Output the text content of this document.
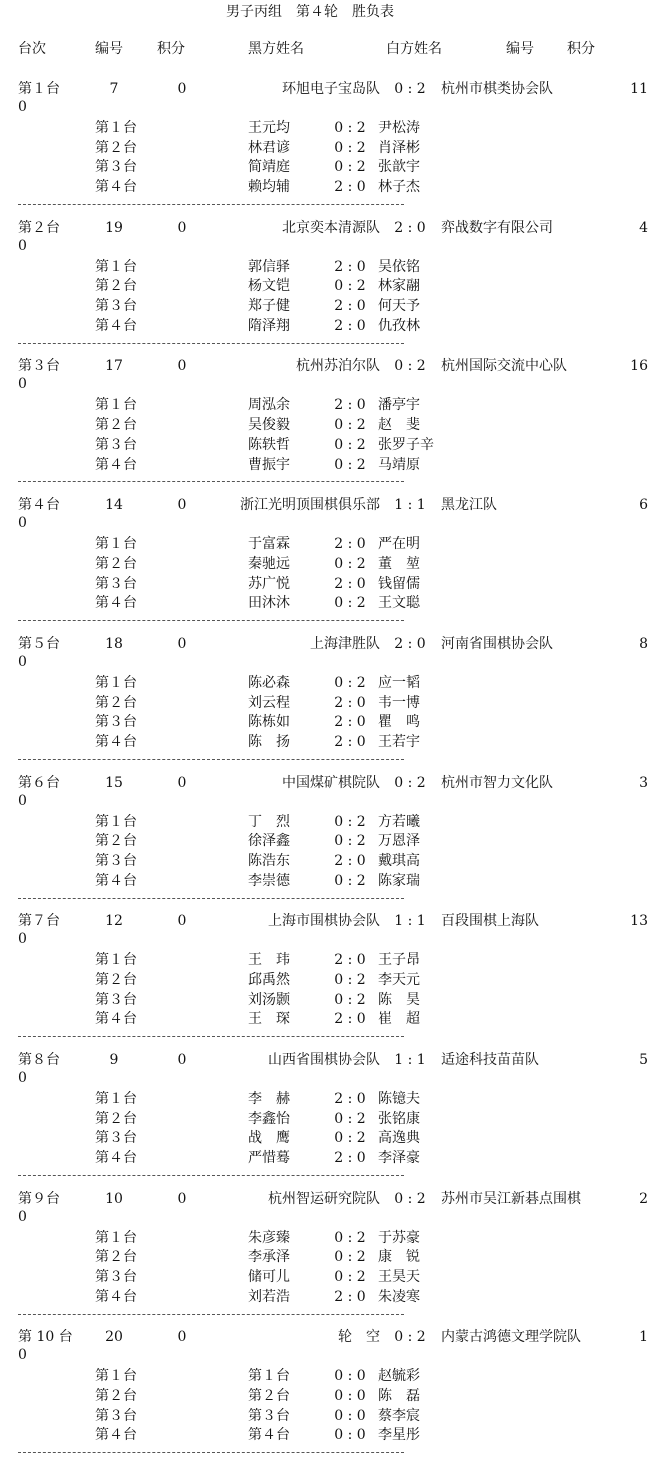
男子丙组　第４轮　胜负表
台次	编号 积分	黑方姓名	白方姓名	编号 积分
第１台	7	0	环旭电子宝岛队	0 : 2	杭州市棋类协会队	11
0
第１台	王元均	0 : 2 尹松涛
第２台	林君谚	0 : 2 肖泽彬
第３台	简靖庭	0 : 2 张歆宇
第４台	赖均辅	2 : 0 林子杰
第２台	19	0	北京奕本清源队	2 : 0	弈战数字有限公司	4
0
第１台	郭信驿	2 : 0 吴依铭
第２台	杨文铠	0 : 2 林家翮
第３台	郑子健	2 : 0 何天予
第４台	隋泽翔	2 : 0 仇孜林
第３台	17	0	杭州苏泊尔队	0 : 2	杭州国际交流中心队	16
0
第１台	周泓余	2 : 0 潘亭宇
第２台	吴俊毅	0 : 2 赵　斐
第３台	陈轶哲	0 : 2 张罗子辛
第４台	曹振宇	0 : 2 马靖原
第４台	14	0	浙江光明顶围棋俱乐部	1 : 1	黑龙江队	6
0
第１台	于富霖	2 : 0 严在明
第２台	秦驰远	0 : 2 董　堃
第３台	苏广悦	2 : 0 钱留儒
第４台	田沐沐	0 : 2 王文聪
第５台	18	0	上海津胜队	2 : 0	河南省围棋协会队	8
0
第１台	陈必森	0 : 2 应一韬
第２台	刘云程	2 : 0 韦一博
第３台	陈栋如	2 : 0 瞿　鸣
第４台	陈　扬	2 : 0 王若宇
第６台	15	0	中国煤矿棋院队	0 : 2	杭州市智力文化队	3
0
第１台	丁　烈	0 : 2 方若曦
第２台	徐泽鑫	0 : 2 万恩泽
第３台	陈浩东	2 : 0 戴琪高
第４台	李崇德	0 : 2 陈家瑞
第７台	12	0	上海市围棋协会队	1 : 1	百段围棋上海队	13
0
第１台	王　玮	2 : 0 王子昂
第２台	邱禹然	0 : 2 李天元
第３台	刘汤颢	0 : 2 陈　昊
第４台	王　琛	2 : 0 崔　超
第８台	9	0	山西省围棋协会队	1 : 1	适途科技苗苗队	5
0
第１台	李　赫	2 : 0 陈镱夫
第２台	李鑫怡	0 : 2 张铭康
第３台	战　鹰	0 : 2 高逸典
第４台	严惜蓦	2 : 0 李泽豪
第９台	10	0	杭州智运研究院队	0 : 2	苏州市吴江新碁点围棋	2
0
第１台	朱彦臻	0 : 2 于苏豪
第２台	李承泽	0 : 2 康　锐
第３台	储可儿	0 : 2 王昊天
第４台	刘若浩	2 : 0 朱凌寒
第 10 台	20	0	轮　空	0 : 2	内蒙古鸿德文理学院队	1
0
第１台	第１台	0 : 0 赵毓彩
第２台	第２台	0 : 0 陈　磊
第３台	第３台	0 : 0 蔡李宸
第４台	第４台	0 : 0 李星彤
